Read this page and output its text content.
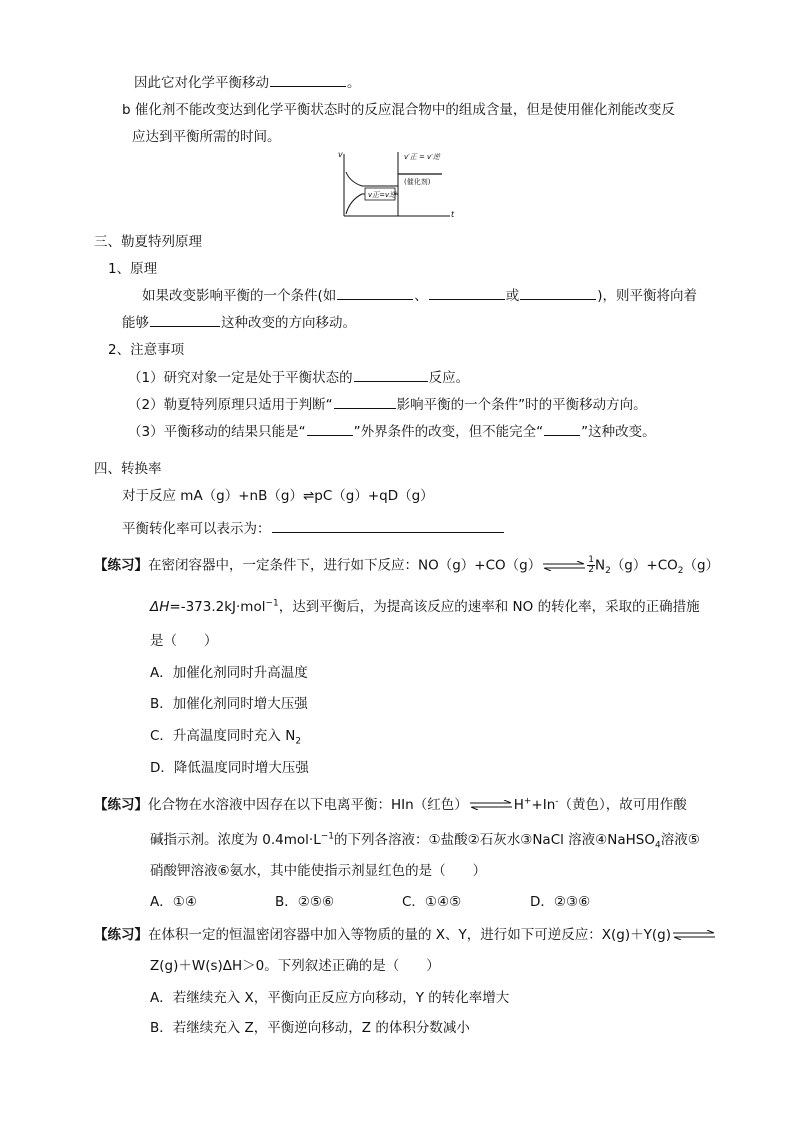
因此它对化学平衡移动	。
b 催化剂不能改变达到化学平衡状态时的反应混合物中的组成含量，但是使用催化剂能改变反
应达到平衡所需的时间。
v
t
v′正 = v′逆
(催化剂)
v正=v逆
三、勒夏特列原理
1、原理
如果改变影响平衡的一个条件(如	、	或	)，则平衡将向着
能够	这种改变的方向移动。
2、注意事项
（1）研究对象一定是处于平衡状态的	反应。
（2）勒夏特列原理只适用于判断“	影响平衡的一个条件”时的平衡移动方向。
（3）平衡移动的结果只能是“	”外界条件的改变，但不能完全“	”这种改变。
四、转换率
对于反应 mA（g）+nB（g）⇌pC（g）+qD（g）
平衡转化率可以表示为：
【练习】在密闭容器中，一定条件下，进行如下反应：NO（g）+CO（g）⇌ $\frac{1}{2} N_2(g)+CO_2(g)$
ΔH=-373.2kJ·mol$^{-1}$，达到平衡后，为提高该反应的速率和 NO 的转化率，采取的正确措施
是（　　）
A．加催化剂同时升高温度
B．加催化剂同时增大压强
C．升高温度同时充入 $N_2$
D．降低温度同时增大压强
【练习】化合物在水溶液中因存在以下电离平衡：HIn（红色）⇌H++In-（黄色），故可用作酸
碱指示剂。浓度为 $0.4mol\cdot L^{-1}$的下列各溶液：①盐酸②石灰水③NaCl 溶液④NaHSO$_4$溶液⑤
硝酸钾溶液⑥氨水，其中能使指示剂显红色的是（　　）
A．①④	B．②⑤⑥	C．①④⑤	D．②③⑥
【练习】在体积一定的恒温密闭容器中加入等物质的量的 X、Y，进行如下可逆反应：X(g)＋Y(g)⇌
Z(g)＋W(s)ΔH＞0。下列叙述正确的是（　　）
A．若继续充入 X，平衡向正反应方向移动，Y 的转化率增大
B．若继续充入 Z，平衡逆向移动，Z 的体积分数减小
